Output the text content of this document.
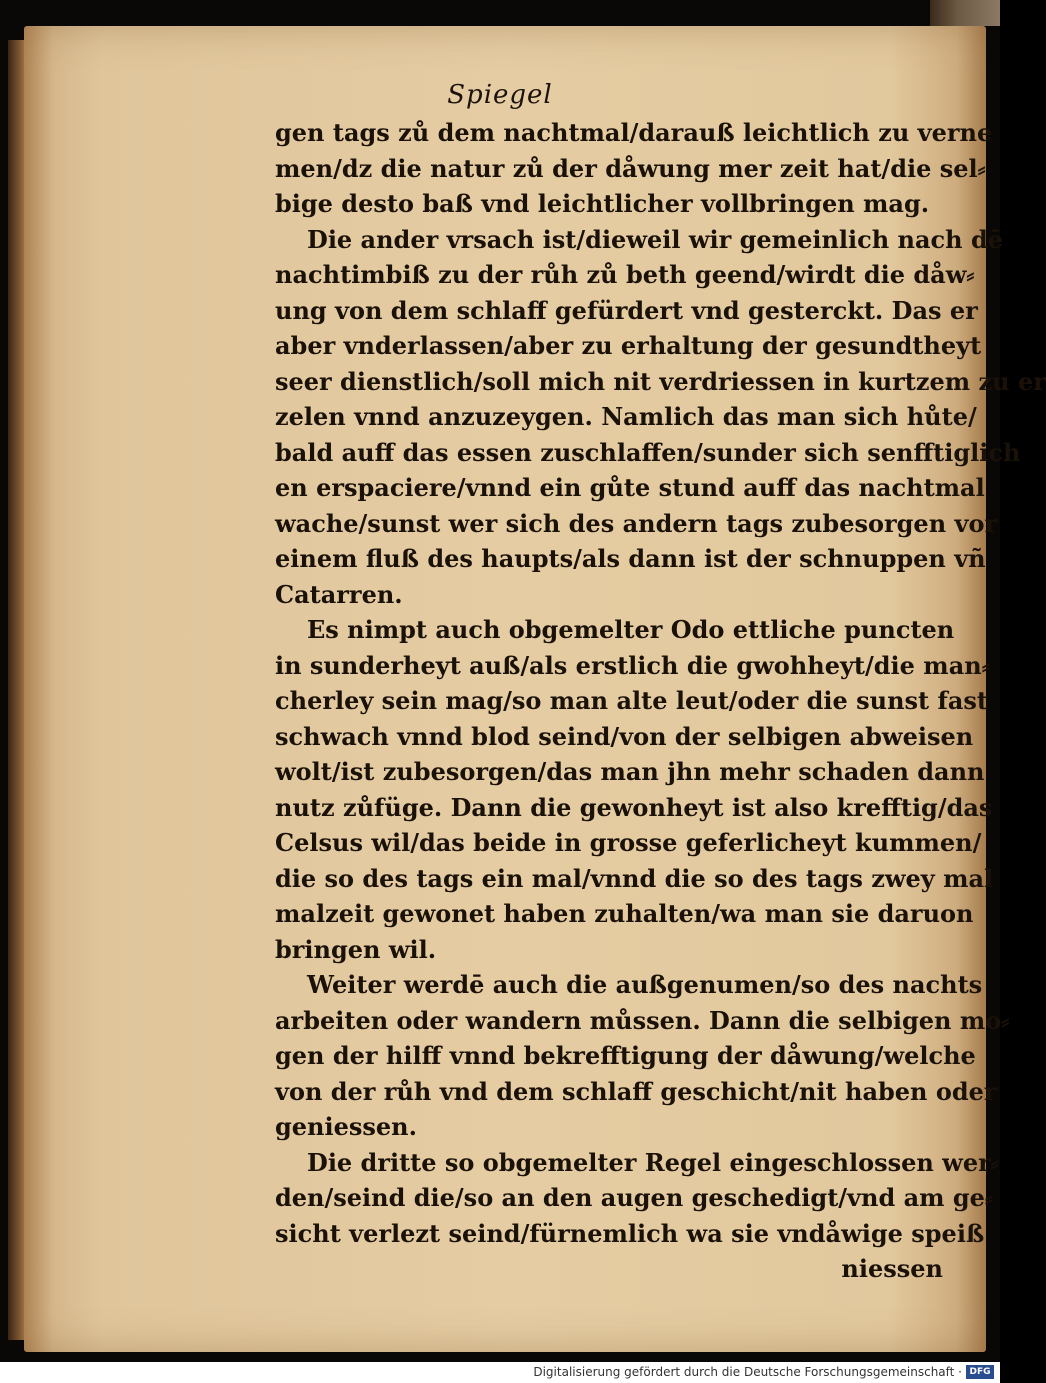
Spiegel
gen tags zů dem nachtmal/darauß leichtlich zu verne
men/dz die natur zů der dåwung mer zeit hat/die sel⸗
bige desto baß vnd leichtlicher vollbringen mag.
Die ander vrsach ist/dieweil wir gemeinlich nach dē
nachtimbiß zu der růh zů beth geend/wirdt die dåw⸗
ung von dem schlaff gefürdert vnd gesterckt. Das er
aber vnderlassen/aber zu erhaltung der gesundtheyt
seer dienstlich/soll mich nit verdriessen in kurtzem zu er
zelen vnnd anzuzeygen. Namlich das man sich hůte/
bald auff das essen zuschlaffen/sunder sich senfftiglich
en erspaciere/vnnd ein gůte stund auff das nachtmal
wache/sunst wer sich des andern tags zubesorgen vor
einem fluß des haupts/als dann ist der schnuppen vñ
Catarren.
Es nimpt auch obgemelter Odo ettliche puncten
in sunderheyt auß/als erstlich die gwohheyt/die man⸗
cherley sein mag/so man alte leut/oder die sunst fast
schwach vnnd blod seind/von der selbigen abweisen
wolt/ist zubesorgen/das man jhn mehr schaden dann
nutz zůfüge. Dann die gewonheyt ist also krefftig/das
Celsus wil/das beide in grosse geferlicheyt kummen/
die so des tags ein mal/vnnd die so des tags zwey mal
malzeit gewonet haben zuhalten/wa man sie daruon
bringen wil.
Weiter werdē auch die außgenumen/so des nachts
arbeiten oder wandern můssen. Dann die selbigen mo⸗
gen der hilff vnnd bekrefftigung der dåwung/welche
von der růh vnd dem schlaff geschicht/nit haben oder
geniessen.
Die dritte so obgemelter Regel eingeschlossen wer⸗
den/seind die/so an den augen geschedigt/vnd am ge⸗
sicht verlezt seind/fürnemlich wa sie vndåwige speiß
niessen
Digitalisierung gefördert durch die Deutsche Forschungsgemeinschaft · DFG
